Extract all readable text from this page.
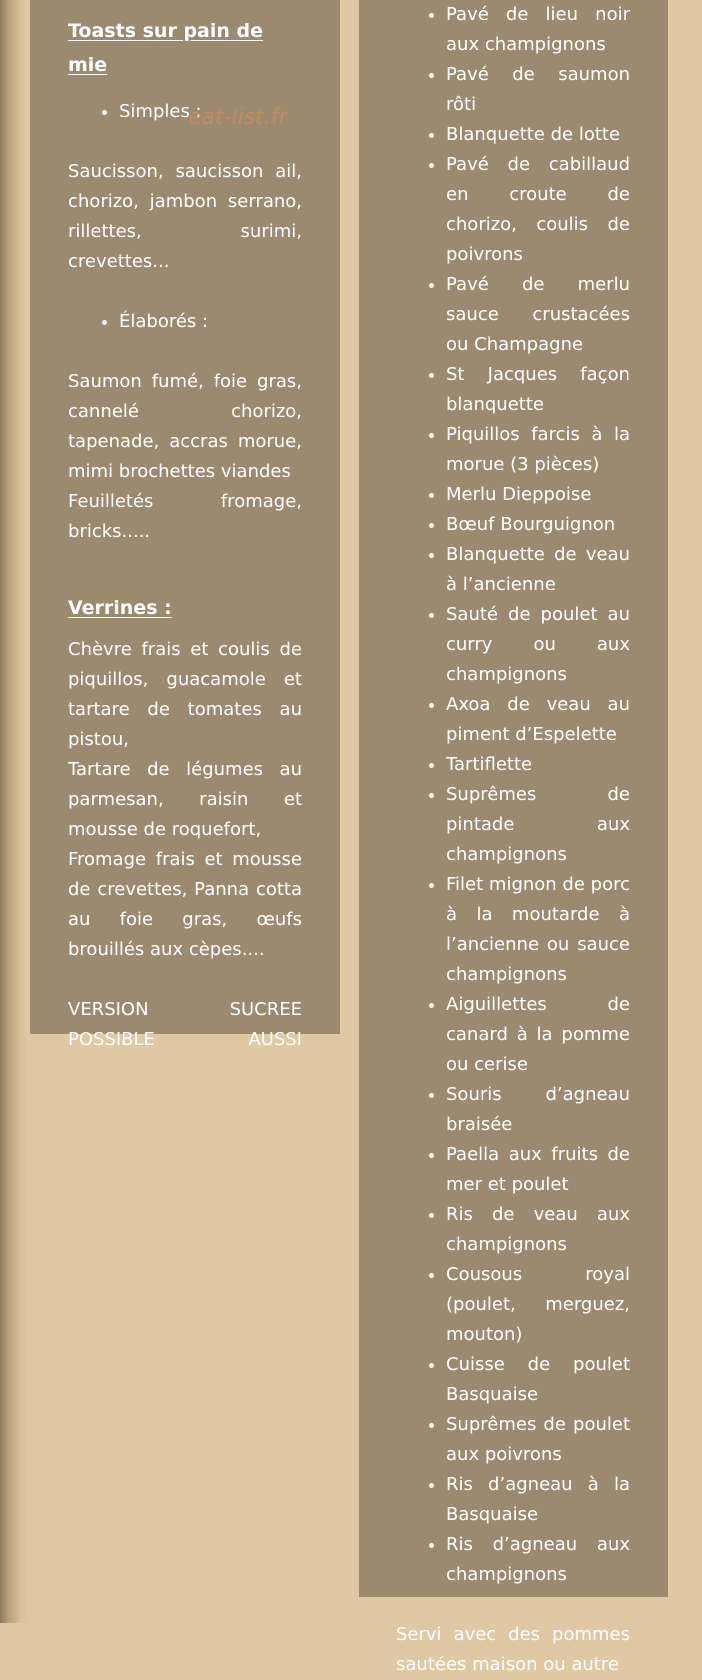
Toasts sur pain de mie
• Simples :

Saucisson, saucisson ail, chorizo, jambon serrano, rillettes, surimi, crevettes...

• Élaborés :

Saumon fumé, foie gras, cannelé chorizo, tapenade, accras morue, mimi brochettes viandes

Feuilletés fromage, bricks.....

Verrines :

Chèvre frais et coulis de piquillos, guacamole et tartare de tomates au pistou,

Tartare de légumes au parmesan, raisin et mousse de roquefort,

Fromage frais et mousse de crevettes, Panna cotta au foie gras, œufs brouillés aux cèpes....

VERSION SUCREE POSSIBLE AUSSI

eat-list.fr
• Pavé de lieu noir aux champignons
• Pavé de saumon rôti
• Blanquette de lotte
• Pavé de cabillaud en croute de chorizo, coulis de poivrons
• Pavé de merlu sauce crustacées ou Champagne
• St Jacques façon blanquette
• Piquillos farcis à la morue (3 pièces)
• Merlu Dieppoise
• Bœuf Bourguignon
• Blanquette de veau à l’ancienne
• Sauté de poulet au curry ou aux champignons
• Axoa de veau au piment d’Espelette
• Tartiflette
• Suprêmes de pintade aux champignons
• Filet mignon de porc à la moutarde à l’ancienne ou sauce champignons
• Aiguillettes de canard à la pomme ou cerise
• Souris d’agneau braisée
• Paella aux fruits de mer et poulet
• Ris de veau aux champignons
• Cousous royal (poulet, merguez, mouton)
• Cuisse de poulet Basquaise
• Suprêmes de poulet aux poivrons
• Ris d’agneau à la Basquaise
• Ris d’agneau aux champignons

Servi avec des pommes sautées maison ou autre
